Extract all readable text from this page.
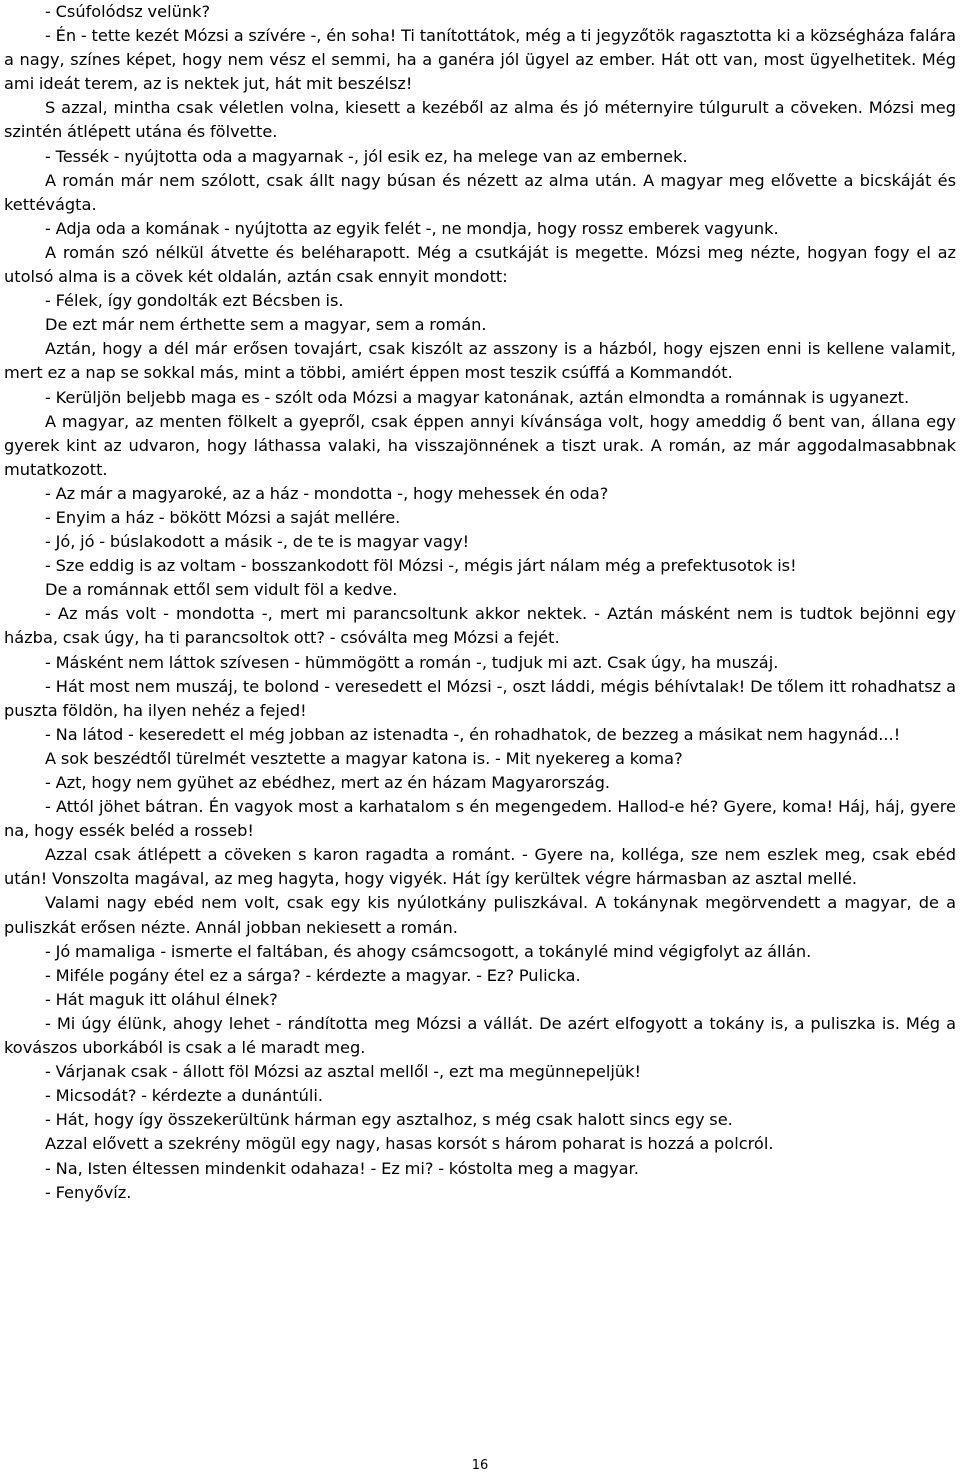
- Csúfolódsz velünk?

- Én - tette kezét Mózsi a szívére -, én soha! Ti tanítottátok, még a ti jegyzőtök ragasztotta ki a községháza falára a nagy, színes képet, hogy nem vész el semmi, ha a ganéra jól ügyel az ember. Hát ott van, most ügyelhetitek. Még ami ideát terem, az is nektek jut, hát mit beszélsz!

S azzal, mintha csak véletlen volna, kiesett a kezéből az alma és jó méternyire túlgurult a cöveken. Mózsi meg szintén átlépett utána és fölvette.

- Tessék - nyújtotta oda a magyarnak -, jól esik ez, ha melege van az embernek.

A román már nem szólott, csak állt nagy búsan és nézett az alma után. A magyar meg elővette a bicskáját és kettévágta.

- Adja oda a komának - nyújtotta az egyik felét -, ne mondja, hogy rossz emberek vagyunk.

A román szó nélkül átvette és beléharapott. Még a csutkáját is megette. Mózsi meg nézte, hogyan fogy el az utolsó alma is a cövek két oldalán, aztán csak ennyit mondott:

- Félek, így gondolták ezt Bécsben is.

De ezt már nem érthette sem a magyar, sem a román.

Aztán, hogy a dél már erősen tovajárt, csak kiszólt az asszony is a házból, hogy ejszen enni is kellene valamit, mert ez a nap se sokkal más, mint a többi, amiért éppen most teszik csúffá a Kommandót.

- Kerüljön beljebb maga es - szólt oda Mózsi a magyar katonának, aztán elmondta a románnak is ugyanezt.

A magyar, az menten fölkelt a gyepről, csak éppen annyi kívánsága volt, hogy ameddig ő bent van, állana egy gyerek kint az udvaron, hogy láthassa valaki, ha visszajönnének a tiszt urak. A román, az már aggodalmasabbnak mutatkozott.

- Az már a magyaroké, az a ház - mondotta -, hogy mehessek én oda?

- Enyim a ház - bökött Mózsi a saját mellére.

- Jó, jó - búslakodott a másik -, de te is magyar vagy!

- Sze eddig is az voltam - bosszankodott föl Mózsi -, mégis járt nálam még a prefektusotok is!

De a románnak ettől sem vidult föl a kedve.

- Az más volt - mondotta -, mert mi parancsoltunk akkor nektek. - Aztán másként nem is tudtok bejönni egy házba, csak úgy, ha ti parancsoltok ott? - csóválta meg Mózsi a fejét.

- Másként nem láttok szívesen - hümmögött a román -, tudjuk mi azt. Csak úgy, ha muszáj.

- Hát most nem muszáj, te bolond - veresedett el Mózsi -, oszt láddi, mégis béhívtalak! De tőlem itt rohadhatsz a puszta földön, ha ilyen nehéz a fejed!

- Na látod - keseredett el még jobban az istenadta -, én rohadhatok, de bezzeg a másikat nem hagynád...!

A sok beszédtől türelmét vesztette a magyar katona is. - Mit nyekereg a koma?

- Azt, hogy nem gyühet az ebédhez, mert az én házam Magyarország.

- Attól jöhet bátran. Én vagyok most a karhatalom s én megengedem. Hallod-e hé? Gyere, koma! Háj, háj, gyere na, hogy essék beléd a rosseb!

Azzal csak átlépett a cöveken s karon ragadta a románt. - Gyere na, kolléga, sze nem eszlek meg, csak ebéd után! Vonszolta magával, az meg hagyta, hogy vigyék. Hát így kerültek végre hármasban az asztal mellé.

Valami nagy ebéd nem volt, csak egy kis nyúlotkány puliszkával. A tokánynak megörvendett a magyar, de a puliszkát erősen nézte. Annál jobban nekiesett a román.

- Jó mamaliga - ismerte el faltában, és ahogy csámcsogott, a tokánylé mind végigfolyt az állán.

- Miféle pogány étel ez a sárga? - kérdezte a magyar. - Ez? Pulicka.

- Hát maguk itt oláhul élnek?

- Mi úgy élünk, ahogy lehet - rándította meg Mózsi a vállát. De azért elfogyott a tokány is, a puliszka is. Még a kovászos uborkából is csak a lé maradt meg.

- Várjanak csak - állott föl Mózsi az asztal mellől -, ezt ma megünnepeljük!

- Micsodát? - kérdezte a dunántúli.

- Hát, hogy így összekerültünk hárman egy asztalhoz, s még csak halott sincs egy se.

Azzal elővett a szekrény mögül egy nagy, hasas korsót s három poharat is hozzá a polcról.

- Na, Isten éltessen mindenkit odahaza! - Ez mi? - kóstolta meg a magyar.

- Fenyővíz.

16
